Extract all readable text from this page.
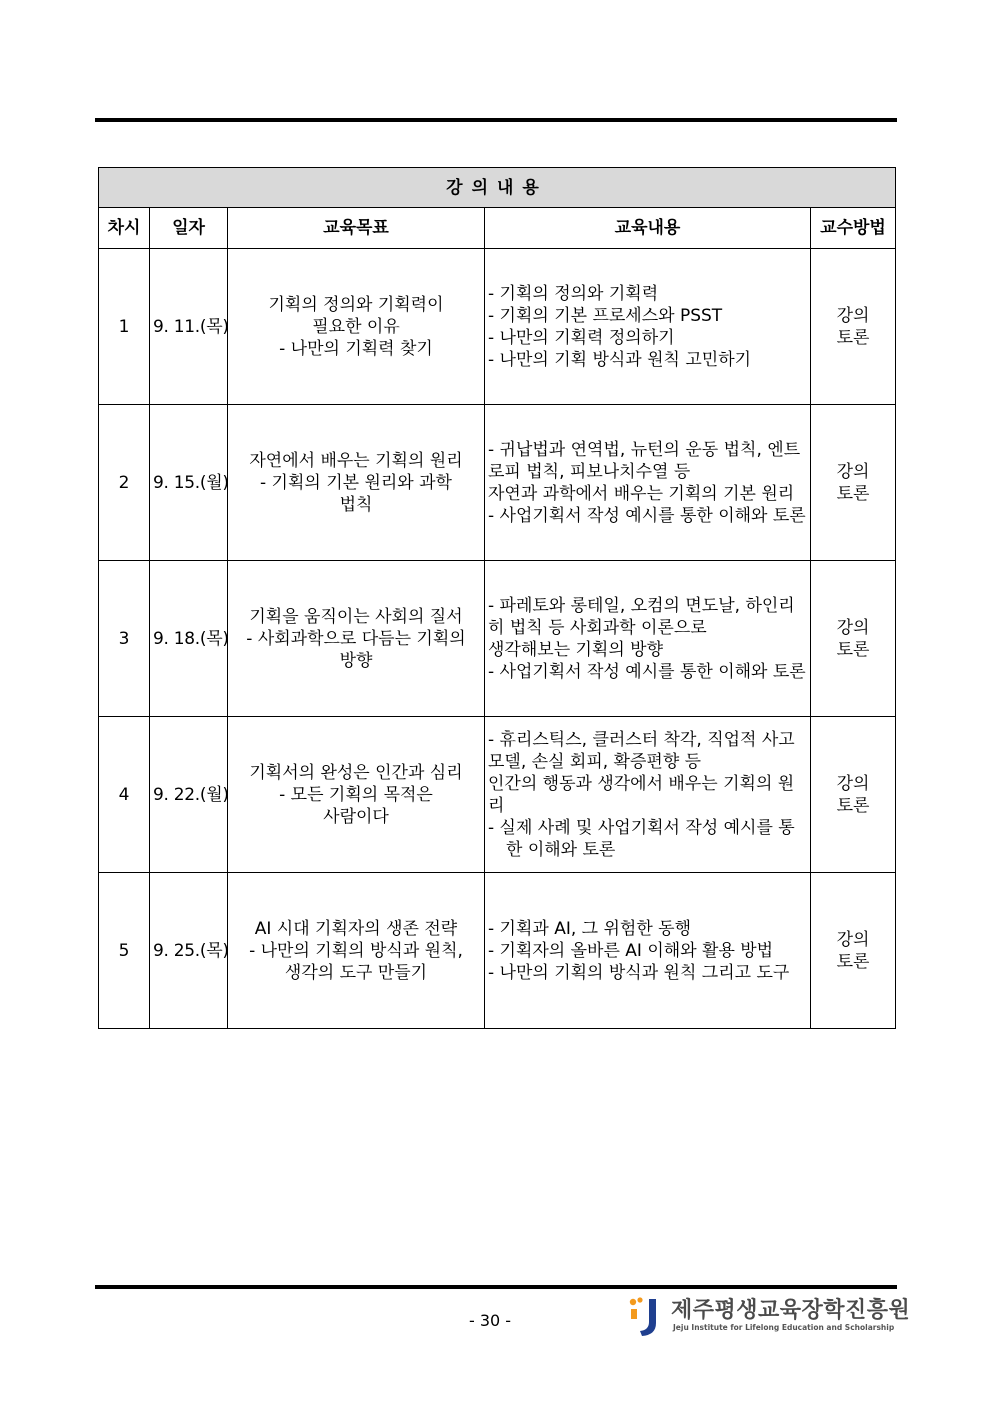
강의내용				
차시	일자	교육목표	교육내용	교수방법
1	9. 11.(목)	기획의 정의와 기획력이
필요한 이유
- 나만의 기획력 찾기	- 기획의 정의와 기획력
- 기획의 기본 프로세스와 PSST
- 나만의 기획력 정의하기
- 나만의 기획 방식과 원칙 고민하기	강의
토론

2	9. 15.(월)	자연에서 배우는 기획의 원리
- 기획의 기본 원리와 과학
법칙	- 귀납법과 연역법, 뉴턴의 운동 법칙, 엔트로피 법칙, 피보나치수열 등
자연과 과학에서 배우는 기획의 기본 원리
- 사업기획서 작성 예시를 통한 이해와 토론	강의
토론

3	9. 18.(목)	기획을 움직이는 사회의 질서
- 사회과학으로 다듬는 기획의
방향	- 파레토와 롱테일, 오컴의 면도날, 하인리히 법칙 등 사회과학 이론으로
생각해보는 기획의 방향
- 사업기획서 작성 예시를 통한 이해와 토론	강의
토론

4	9. 22.(월)	기획서의 완성은 인간과 심리
- 모든 기획의 목적은
사람이다	- 휴리스틱스, 클러스터 착각, 직업적 사고 모델, 손실 회피, 확증편향 등
인간의 행동과 생각에서 배우는 기획의 원리
- 실제 사례 및 사업기획서 작성 예시를 통한 이해와 토론	강의
토론

5	9. 25.(목)	AI 시대 기획자의 생존 전략
- 나만의 기획의 방식과 원칙,
생각의 도구 만들기	- 기획과 AI, 그 위험한 동행
- 기획자의 올바른 AI 이해와 활용 방법
- 나만의 기획의 방식과 원칙 그리고 도구	강의
토론
- 30 -	제주평생교육장학진흥원
Jeju Institute for Lifelong Education and Scholarship
